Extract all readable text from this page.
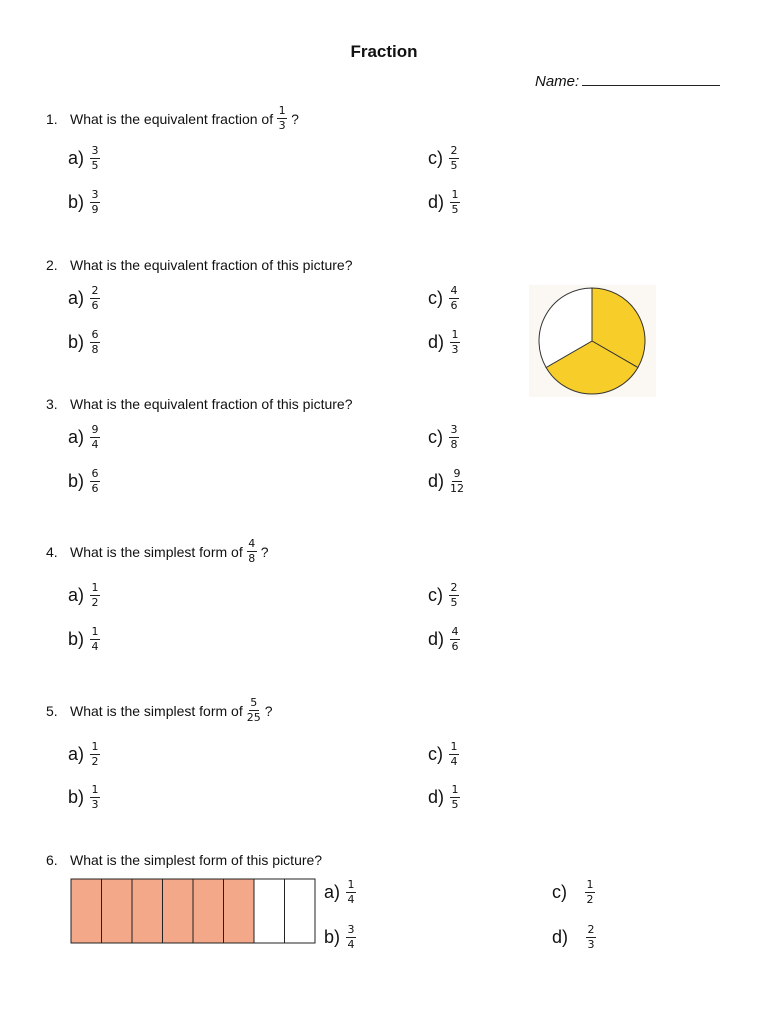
Fraction
Name:
1. What is the equivalent fraction of $\frac{1}{3}$ ?
$a) \frac{3}{5}$
$b) \frac{3}{9}$
$c) \frac{2}{5}$
$d) \frac{1}{5}$
2. What is the equivalent fraction of this picture?
$a) \frac{2}{6}$
$b) \frac{6}{8}$
$c) \frac{4}{6}$
$d) \frac{1}{3}$
3. What is the equivalent fraction of this picture?
$a) \frac{9}{4}$
$b) \frac{6}{6}$
$c) \frac{3}{8}$
$d) \frac{9}{12}$
4. What is the simplest form of $\frac{4}{8}$ ?
$a) \frac{1}{2}$
$b) \frac{1}{4}$
$c) \frac{2}{5}$
$d) \frac{4}{6}$
5. What is the simplest form of $\frac{5}{25}$ ?
$a) \frac{1}{2}$
$b) \frac{1}{3}$
$c) \frac{1}{4}$
$d) \frac{1}{5}$
6. What is the simplest form of this picture?
$a) \frac{1}{4}$
$b) \frac{3}{4}$
$c) \frac{1}{2}$
$d) \frac{2}{3}$
